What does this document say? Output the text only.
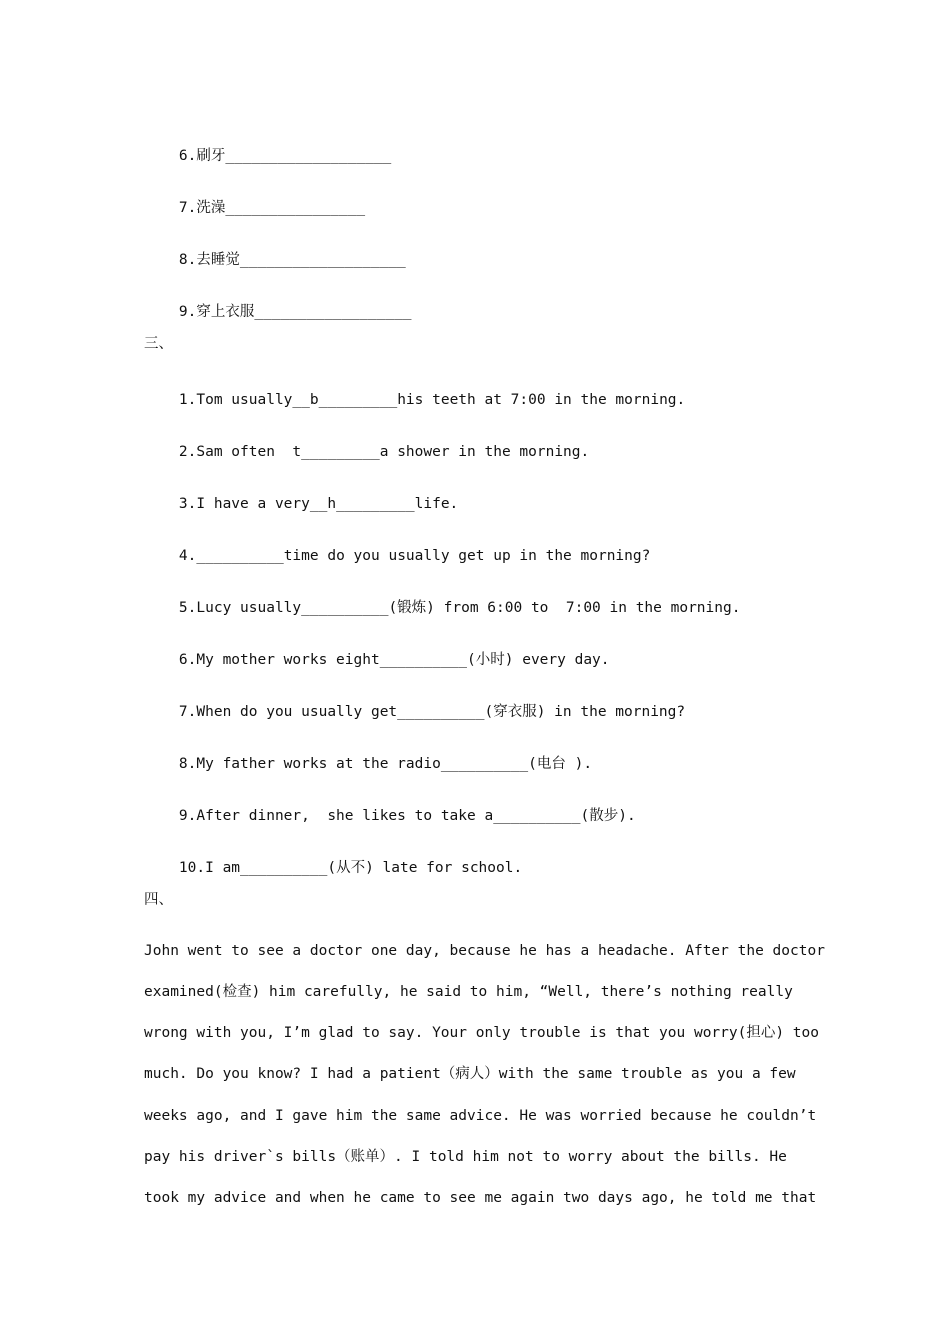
6.刷牙___________________

7.洗澡________________

8.去睡觉___________________

9.穿上衣服__________________

三、

1.Tom usually__b_________his teeth at 7:00 in the morning.

2.Sam often  t_________a shower in the morning.

3.I have a very__h_________life.

4.__________time do you usually get up in the morning?

5.Lucy usually__________(锻炼) from 6:00 to  7:00 in the morning.

6.My mother works eight__________(小时) every day.

7.When do you usually get__________(穿衣服) in the morning?

8.My father works at the radio__________(电台 ).

9.After dinner,  she likes to take a__________(散步).

10.I am__________(从不) late for school.

四、
John went to see a doctor one day, because he has a headache. After the doctor
examined(检查) him carefully, he said to him, “Well, there’s nothing really
wrong with you, I’m glad to say. Your only trouble is that you worry(担心) too
much. Do you know? I had a patient（病人）with the same trouble as you a few
weeks ago, and I gave him the same advice. He was worried because he couldn’t
pay his driver`s bills（账单）. I told him not to worry about the bills. He
took my advice and when he came to see me again two days ago, he told me that
